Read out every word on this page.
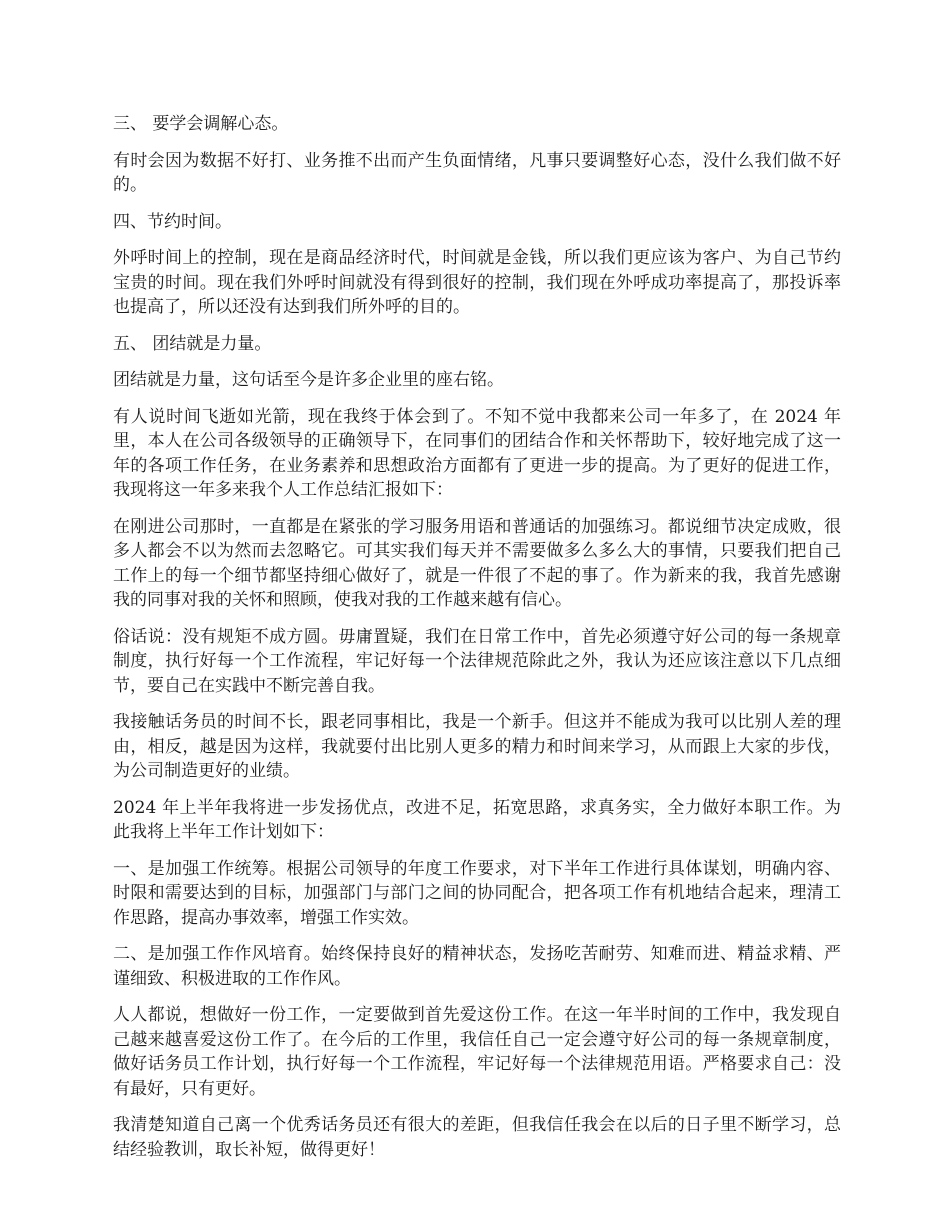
三、 要学会调解心态。

有时会因为数据不好打、业务推不出而产生负面情绪，凡事只要调整好心态，没什么我们做不好的。

四、节约时间。

外呼时间上的控制，现在是商品经济时代，时间就是金钱，所以我们更应该为客户、为自己节约宝贵的时间。现在我们外呼时间就没有得到很好的控制，我们现在外呼成功率提高了，那投诉率也提高了，所以还没有达到我们所外呼的目的。

五、 团结就是力量。

团结就是力量，这句话至今是许多企业里的座右铭。

有人说时间飞逝如光箭，现在我终于体会到了。不知不觉中我都来公司一年多了，在 2024 年里，本人在公司各级领导的正确领导下，在同事们的团结合作和关怀帮助下，较好地完成了这一年的各项工作任务，在业务素养和思想政治方面都有了更进一步的提高。为了更好的促进工作，我现将这一年多来我个人工作总结汇报如下：

在刚进公司那时，一直都是在紧张的学习服务用语和普通话的加强练习。都说细节决定成败，很多人都会不以为然而去忽略它。可其实我们每天并不需要做多么多么大的事情，只要我们把自己工作上的每一个细节都坚持细心做好了，就是一件很了不起的事了。作为新来的我，我首先感谢我的同事对我的关怀和照顾，使我对我的工作越来越有信心。

俗话说：没有规矩不成方圆。毋庸置疑，我们在日常工作中，首先必须遵守好公司的每一条规章制度，执行好每一个工作流程，牢记好每一个法律规范除此之外，我认为还应该注意以下几点细节，要自己在实践中不断完善自我。

我接触话务员的时间不长，跟老同事相比，我是一个新手。但这并不能成为我可以比别人差的理由，相反，越是因为这样，我就要付出比别人更多的精力和时间来学习，从而跟上大家的步伐，为公司制造更好的业绩。

2024 年上半年我将进一步发扬优点，改进不足，拓宽思路，求真务实，全力做好本职工作。为此我将上半年工作计划如下：

一、是加强工作统筹。根据公司领导的年度工作要求，对下半年工作进行具体谋划，明确内容、时限和需要达到的目标，加强部门与部门之间的协同配合，把各项工作有机地结合起来，理清工作思路，提高办事效率，增强工作实效。

二、是加强工作作风培育。始终保持良好的精神状态，发扬吃苦耐劳、知难而进、精益求精、严谨细致、积极进取的工作作风。

人人都说，想做好一份工作，一定要做到首先爱这份工作。在这一年半时间的工作中，我发现自己越来越喜爱这份工作了。在今后的工作里，我信任自己一定会遵守好公司的每一条规章制度，做好话务员工作计划，执行好每一个工作流程，牢记好每一个法律规范用语。严格要求自己：没有最好，只有更好。

我清楚知道自己离一个优秀话务员还有很大的差距，但我信任我会在以后的日子里不断学习，总结经验教训，取长补短，做得更好！
